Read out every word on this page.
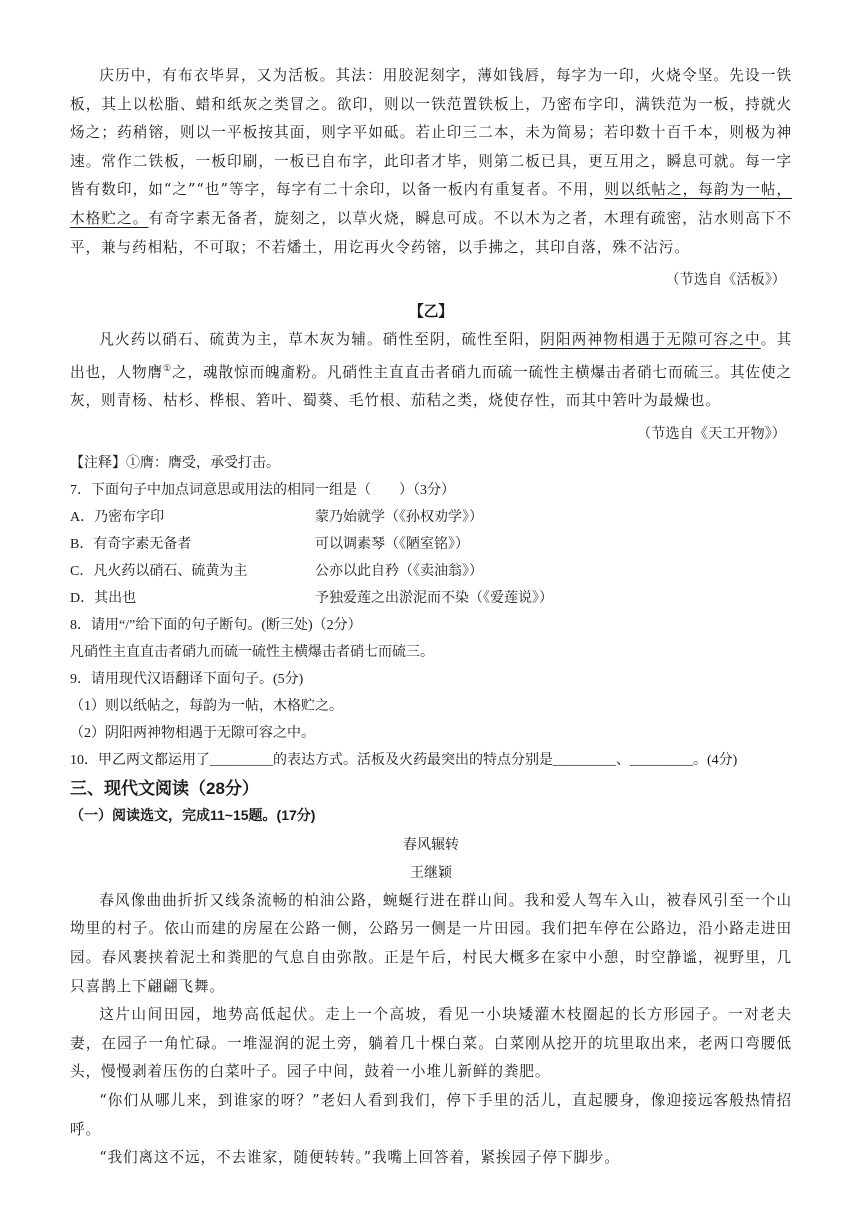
庆历中，有布衣毕昇，又为活板。其法：用胶泥刻字，薄如钱唇，每字为一印，火烧令坚。先设一铁板，其上以松脂、蜡和纸灰之类冒之。欲印，则以一铁范置铁板上，乃密布字印，满铁范为一板，持就火炀之；药稍镕，则以一平板按其面，则字平如砥。若止印三二本，未为简易；若印数十百千本，则极为神速。常作二铁板，一板印刷，一板已自布字，此印者才毕，则第二板已具，更互用之，瞬息可就。每一字皆有数印，如“之”“也”等字，每字有二十余印，以备一板内有重复者。不用，则以纸帖之，每韵为一帖，木格贮之。有奇字素无备者，旋刻之，以草火烧，瞬息可成。不以木为之者，木理有疏密，沾水则高下不平，兼与药相粘，不可取；不若燔土，用讫再火令药镕，以手拂之，其印自落，殊不沾污。

（节选自《活板》）

【乙】

凡火药以硝石、硫黄为主，草木灰为辅。硝性至阴，硫性至阳，阴阳两神物相遇于无隙可容之中。其出也，人物膺①之，魂散惊而魄齑粉。凡硝性主直直击者硝九而硫一硫性主横爆击者硝七而硫三。其佐使之灰，则青杨、枯杉、桦根、箬叶、蜀葵、毛竹根、茄秸之类，烧使存性，而其中箬叶为最燥也。

（节选自《天工开物》）

【注释】①膺：膺受，承受打击。

7．下面句子中加点词意思或用法的相同一组是（　　）（3分）

A．乃密布字印	蒙乃始就学（《孙权劝学》）
B．有奇字素无备者	可以调素琴（《陋室铭》）
C．凡火药以硝石、硫黄为主	公亦以此自矜（《卖油翁》）
D．其出也	予独爱莲之出淤泥而不染（《爱莲说》）

8．请用“/”给下面的句子断句。(断三处)（2分）

凡硝性主直直击者硝九而硫一硫性主横爆击者硝七而硫三。

9．请用现代汉语翻译下面句子。(5分)

（1）则以纸帖之，每韵为一帖，木格贮之。

（2）阴阳两神物相遇于无隙可容之中。

10．甲乙两文都运用了_________的表达方式。活板及火药最突出的特点分别是_________、_________。(4分)

三、现代文阅读（28分）

（一）阅读选文，完成11~15题。(17分)

春风辗转

王继颖

春风像曲曲折折又线条流畅的柏油公路，蜿蜒行进在群山间。我和爱人驾车入山，被春风引至一个山坳里的村子。依山而建的房屋在公路一侧，公路另一侧是一片田园。我们把车停在公路边，沿小路走进田园。春风裹挟着泥土和粪肥的气息自由弥散。正是午后，村民大概多在家中小憩，时空静谧，视野里，几只喜鹊上下翩翩飞舞。

这片山间田园，地势高低起伏。走上一个高坡，看见一小块矮灌木枝圈起的长方形园子。一对老夫妻，在园子一角忙碌。一堆湿润的泥土旁，躺着几十棵白菜。白菜刚从挖开的坑里取出来，老两口弯腰低头，慢慢剥着压伤的白菜叶子。园子中间，鼓着一小堆儿新鲜的粪肥。

“你们从哪儿来，到谁家的呀？”老妇人看到我们，停下手里的活儿，直起腰身，像迎接远客般热情招呼。

“我们离这不远，不去谁家，随便转转。”我嘴上回答着，紧挨园子停下脚步。
